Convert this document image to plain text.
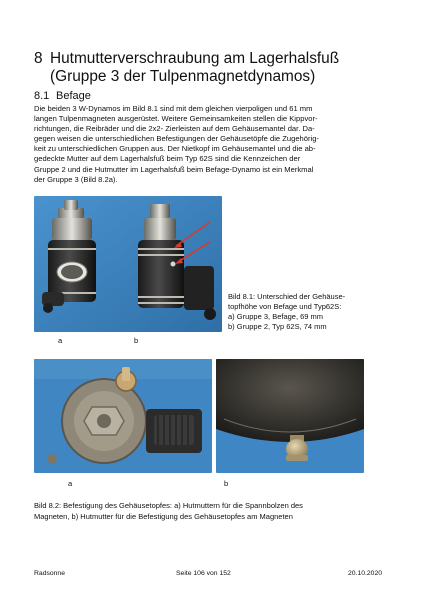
8 Hutmutterverschraubung am Lagerhalsfuß
(Gruppe 3 der Tulpenmagnetdynamos)
8.1 Befage
Die beiden 3 W-Dynamos im Bild 8.1 sind mit dem gleichen vierpoligen und 61 mm
langen Tulpenmagneten ausgerüstet. Weitere Gemeinsamkeiten stellen die Kippvor-
richtungen, die Reibräder und die 2x2- Zierleisten auf dem Gehäusemantel dar. Da-
gegen weisen die unterschiedlichen Befestigungen der Gehäusetöpfe die Zugehörig-
keit zu unterschiedlichen Gruppen aus. Der Nietkopf im Gehäusemantel und die ab-
gedeckte Mutter auf dem Lagerhalsfuß beim Typ 62S sind die Kennzeichen der
Gruppe 2 und die Hutmutter im Lagerhalsfuß beim Befage-Dynamo ist ein Merkmal
der Gruppe 3 (Bild 8.2a).
a	b
Bild 8.1: Unterschied der Gehäuse-
topfhöhe von Befage und Typ62S:
a) Gruppe 3, Befage, 69 mm
b) Gruppe 2, Typ 62S, 74 mm
a	b
Bild 8.2: Befestigung des Gehäusetopfes: a) Hutmuttern für die Spannbolzen des
Magneten, b) Hutmutter für die Befestigung des Gehäusetopfes am Magneten
Radsonne	Seite 106 von 152	20.10.2020
